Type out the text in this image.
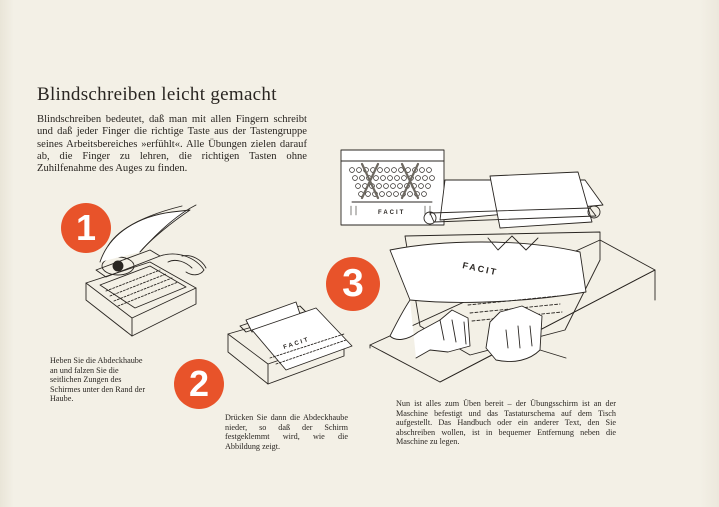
Blindschreiben leicht gemacht

Blindschreiben bedeutet, daß man mit allen Fingern schreibt und daß jeder Finger die richtige Taste aus der Tastengruppe seines Arbeitsbereiches »erfühlt«. Alle Übungen zielen darauf ab, die Finger zu lehren, die richtigen Tasten ohne Zuhilfenahme des Auges zu finden.

FACIT
FACIT
FACIT
1
2
3

Heben Sie die Abdeckhaube an und falzen Sie die seitlichen Zungen des Schirmes unter den Rand der Haube.

Drücken Sie dann die Abdeckhaube nieder, so daß der Schirm festgeklemmt wird, wie die Abbildung zeigt.

Nun ist alles zum Üben bereit – der Übungsschirm ist an der Maschine befestigt und das Tastaturschema auf dem Tisch aufgestellt. Das Handbuch oder ein anderer Text, den Sie abschreiben wollen, ist in bequemer Entfernung neben die Maschine zu legen.
